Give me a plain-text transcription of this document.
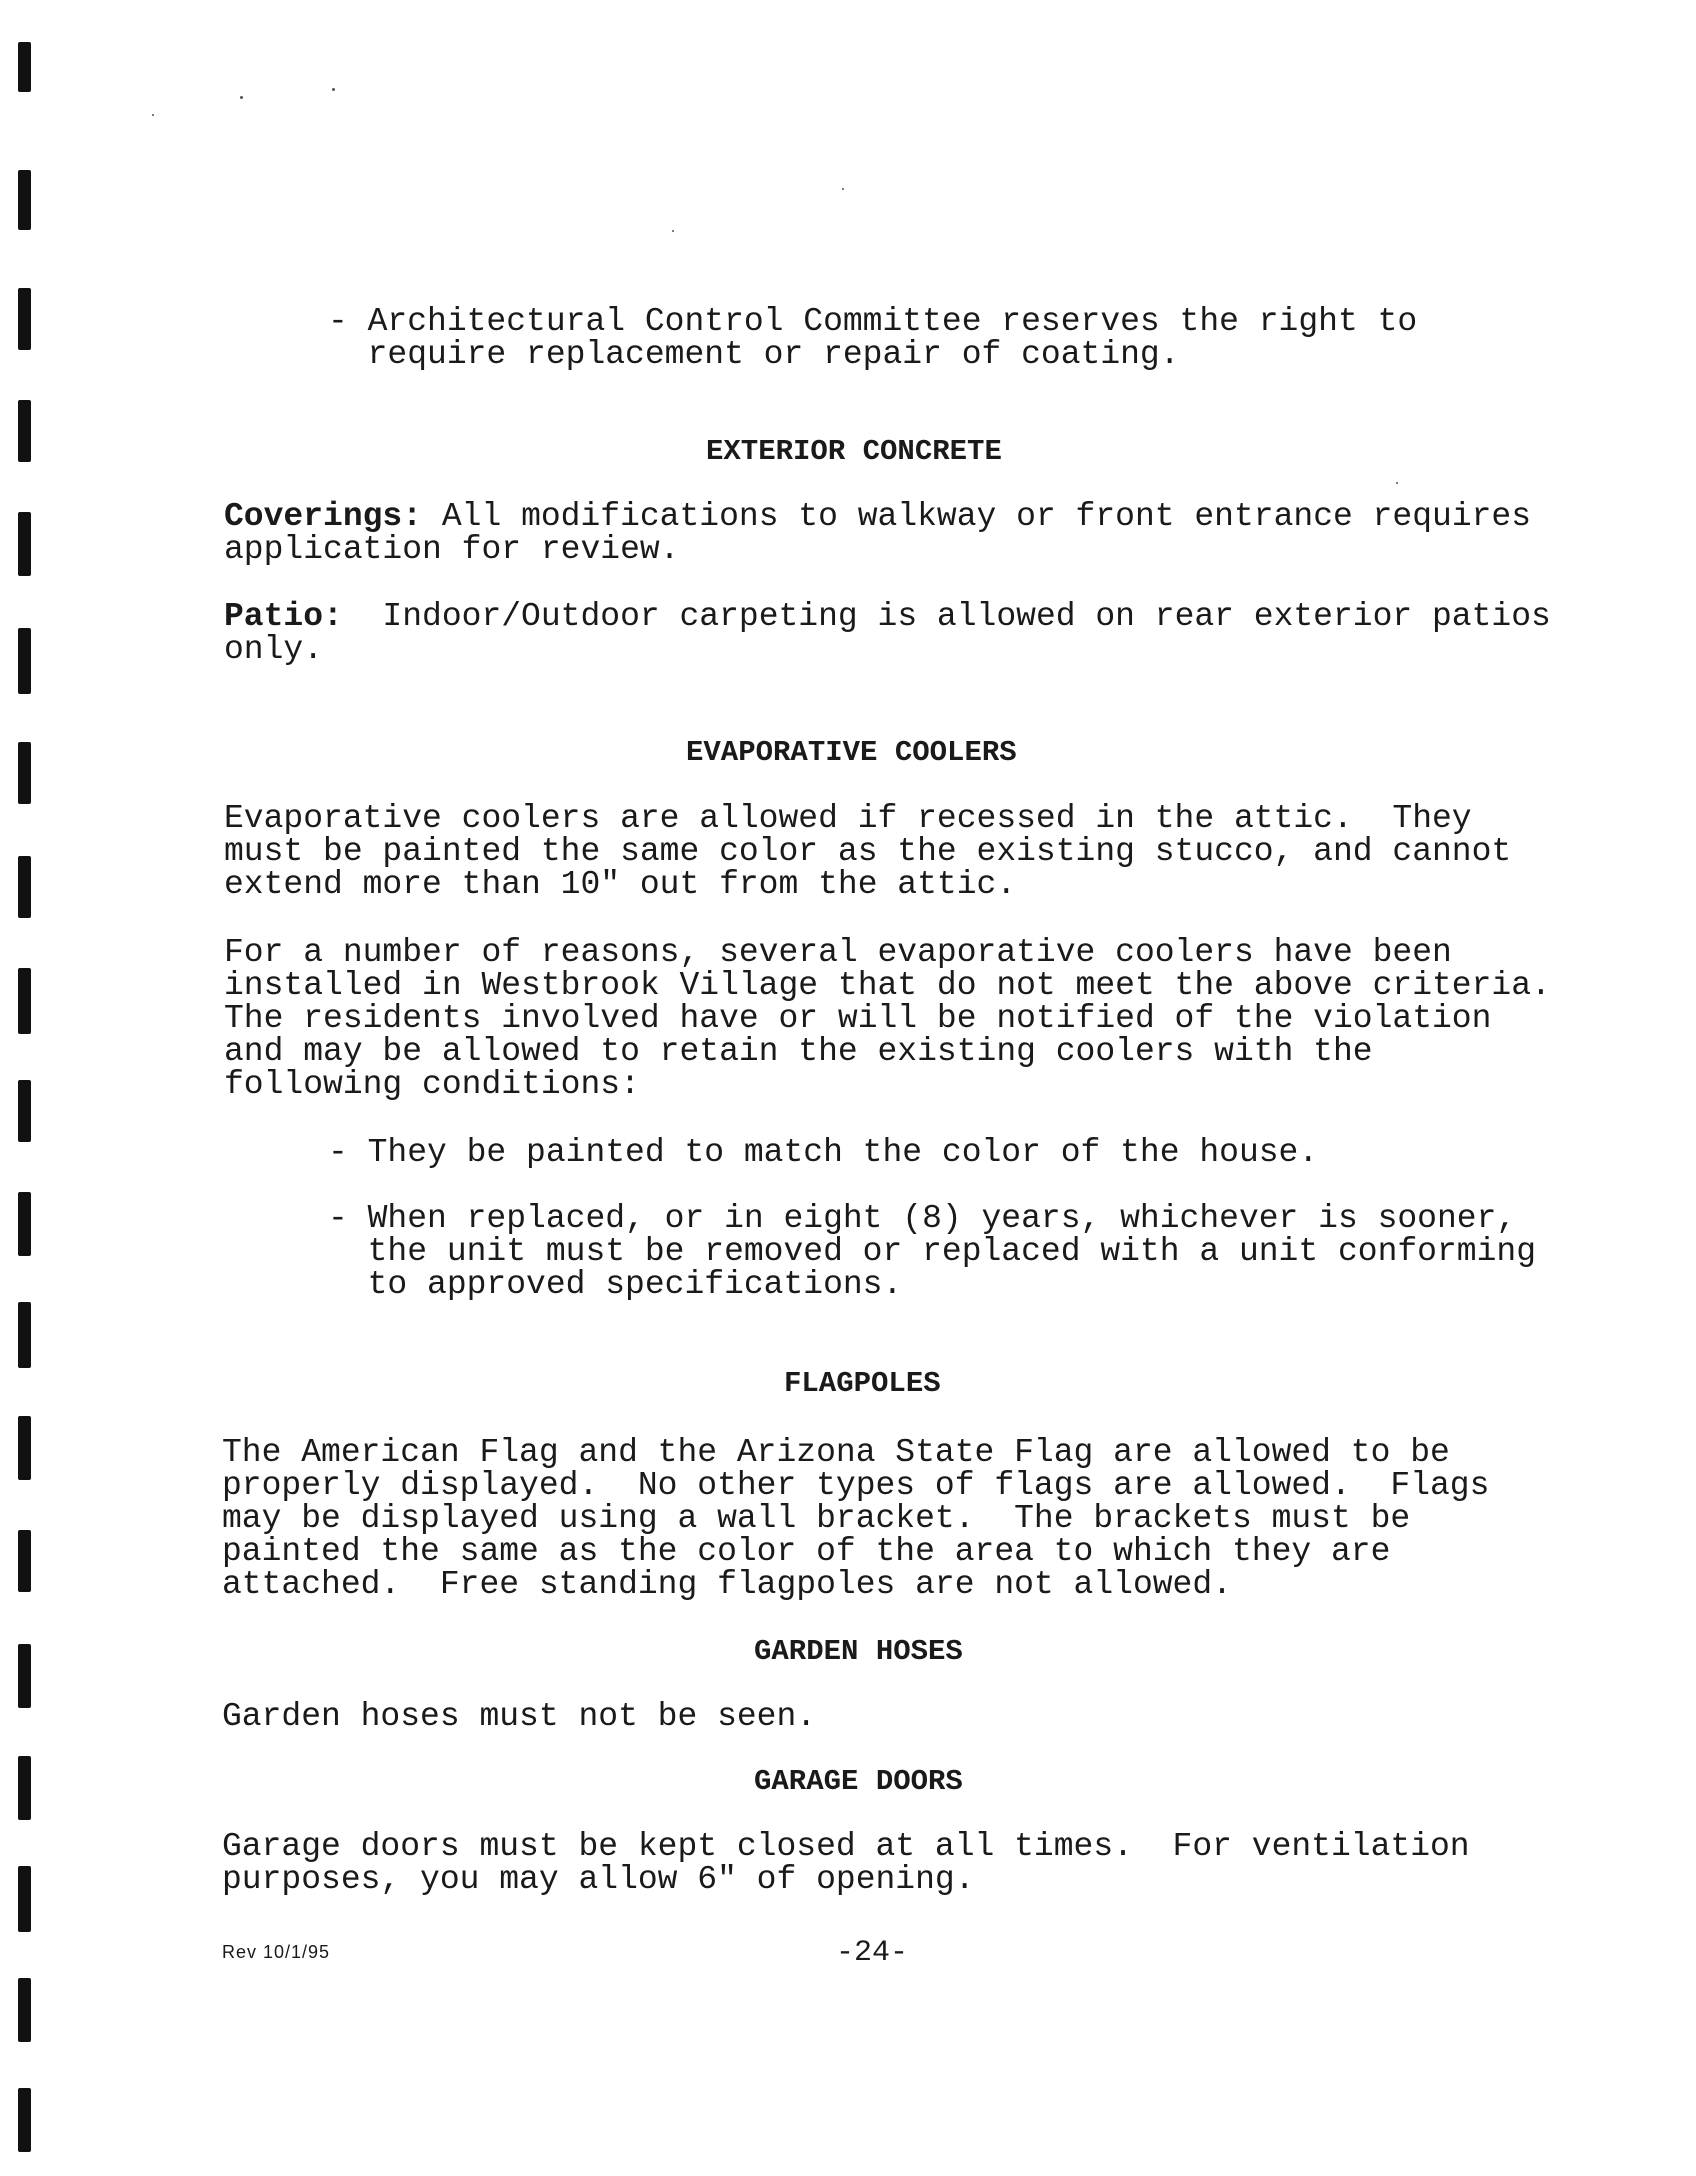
- Architectural Control Committee reserves the right to
require replacement or repair of coating.
EXTERIOR CONCRETE
Coverings: All modifications to walkway or front entrance requires
application for review.
Patio:  Indoor/Outdoor carpeting is allowed on rear exterior patios
only.
EVAPORATIVE COOLERS
Evaporative coolers are allowed if recessed in the attic.  They
must be painted the same color as the existing stucco, and cannot
extend more than 10" out from the attic.
For a number of reasons, several evaporative coolers have been
installed in Westbrook Village that do not meet the above criteria.
The residents involved have or will be notified of the violation
and may be allowed to retain the existing coolers with the
following conditions:
- They be painted to match the color of the house.
- When replaced, or in eight (8) years, whichever is sooner,
the unit must be removed or replaced with a unit conforming
to approved specifications.
FLAGPOLES
The American Flag and the Arizona State Flag are allowed to be
properly displayed.  No other types of flags are allowed.  Flags
may be displayed using a wall bracket.  The brackets must be
painted the same as the color of the area to which they are
attached.  Free standing flagpoles are not allowed.
GARDEN HOSES
Garden hoses must not be seen.
GARAGE DOORS
Garage doors must be kept closed at all times.  For ventilation
purposes, you may allow 6" of opening.
Rev 10/1/95	-24-
